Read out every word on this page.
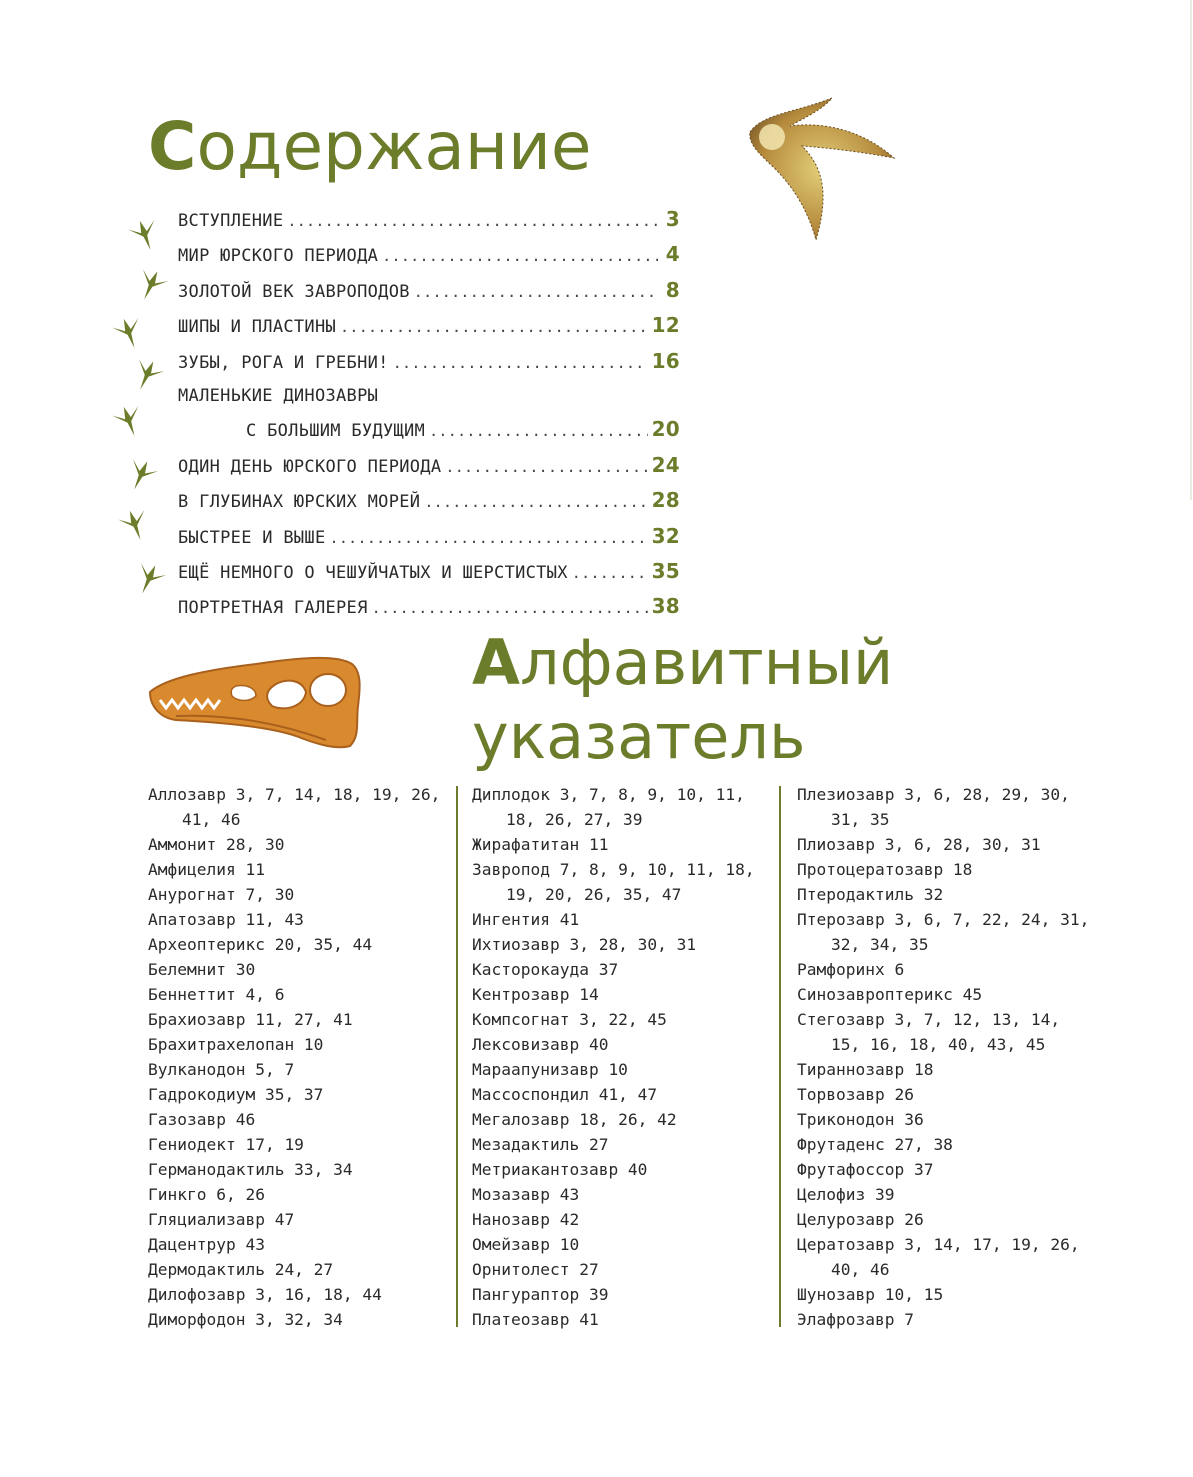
Содержание
ВСТУПЛЕНИЕ .....	3
МИР ЮРСКОГО ПЕРИОДА .....	4
ЗОЛОТОЙ ВЕК ЗАВРОПОДОВ .....	8
ШИПЫ И ПЛАСТИНЫ .....	12
ЗУБЫ, РОГА И ГРЕБНИ! .....	16
МАЛЕНЬКИЕ ДИНОЗАВРЫ
С БОЛЬШИМ БУДУЩИМ .....	20
ОДИН ДЕНЬ ЮРСКОГО ПЕРИОДА .....	24
В ГЛУБИНАХ ЮРСКИХ МОРЕЙ .....	28
БЫСТРЕЕ И ВЫШЕ .....	32
ЕЩЁ НЕМНОГО О ЧЕШУЙЧАТЫХ И ШЕРСТИСТЫХ .....	35
ПОРТРЕТНАЯ ГАЛЕРЕЯ .....	38
Алфавитный
указатель
Аллозавр 3, 7, 14, 18, 19, 26, 41, 46
Аммонит 28, 30
Амфицелия 11
Анурогнат 7, 30
Апатозавр 11, 43
Археоптерикс 20, 35, 44
Белемнит 30
Беннеттит 4, 6
Брахиозавр 11, 27, 41
Брахитрахелопан 10
Вулканодон 5, 7
Гадрокодиум 35, 37
Газозавр 46
Гениодект 17, 19
Германодактиль 33, 34
Гинкго 6, 26
Гляциализавр 47
Дацентрур 43
Дермодактиль 24, 27
Дилофозавр 3, 16, 18, 44
Диморфодон 3, 32, 34
Диплодок 3, 7, 8, 9, 10, 11, 18, 26, 27, 39
Жирафатитан 11
Завропод 7, 8, 9, 10, 11, 18, 19, 20, 26, 35, 47
Ингентия 41
Ихтиозавр 3, 28, 30, 31
Касторокауда 37
Кентрозавр 14
Компсогнат 3, 22, 45
Лексовизавр 40
Мараапунизавр 10
Массоспондил 41, 47
Мегалозавр 18, 26, 42
Мезадактиль 27
Метриакантозавр 40
Мозазавр 43
Нанозавр 42
Омейзавр 10
Орнитолест 27
Пангураптор 39
Платеозавр 41
Плезиозавр 3, 6, 28, 29, 30, 31, 35
Плиозавр 3, 6, 28, 30, 31
Протоцератозавр 18
Птеродактиль 32
Птерозавр 3, 6, 7, 22, 24, 31, 32, 34, 35
Рамфоринх 6
Синозавроптерикс 45
Стегозавр 3, 7, 12, 13, 14, 15, 16, 18, 40, 43, 45
Тираннозавр 18
Торвозавр 26
Триконодон 36
Фрутаденс 27, 38
Фрутафоссор 37
Целофиз 39
Целурозавр 26
Цератозавр 3, 14, 17, 19, 26, 40, 46
Шунозавр 10, 15
Элафрозавр 7
